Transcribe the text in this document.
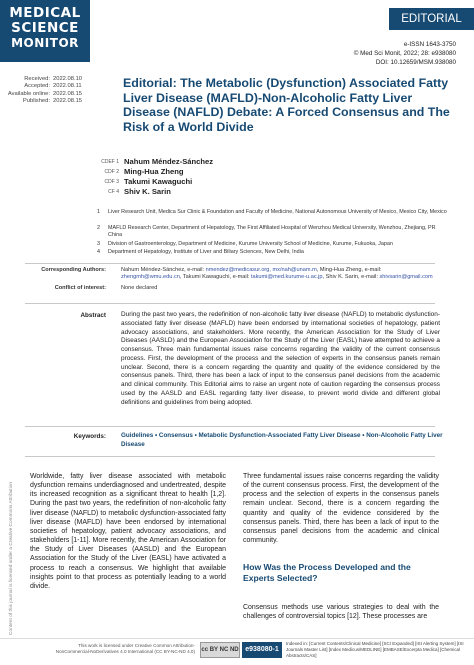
MEDICAL
SCIENCE
MONITOR
EDITORIAL
e-ISSN 1643-3750
© Med Sci Monit, 2022; 28: e938080
DOI: 10.12659/MSM.938080
Received: 2022.08.10
Accepted: 2022.08.11
Available online: 2022.08.15
Published: 2022.08.15
Editorial: The Metabolic (Dysfunction) Associated Fatty Liver Disease (MAFLD)-Non-Alcoholic Fatty Liver Disease (NAFLD) Debate: A Forced Consensus and The Risk of a World Divide
CDEF 1 Nahum Méndez-Sánchez
CDF 2 Ming-Hua Zheng
CDF 3 Takumi Kawaguchi
CF 4 Shiv K. Sarin
1 Liver Research Unit, Medica Sur Clinic & Foundation and Faculty of Medicine, National Autonomous University of Mexico, Mexico City, Mexico
2 MAFLD Research Center, Department of Hepatology, The First Affiliated Hospital of Wenzhou Medical University, Wenzhou, Zhejiang, PR China
3 Division of Gastroenterology, Department of Medicine, Kurume University School of Medicine, Kurume, Fukuoka, Japan
4 Department of Hepatology, Institute of Liver and Biliary Sciences, New Delhi, India
Corresponding Authors:	Nahum Méndez-Sánchez, e-mail: nmendez@medicasur.org, mx/nah@unam.m, Ming-Hua Zheng, e-mail: zhengmh@wmu.edu.cn, Takumi Kawaguchi, e-mail: takumi@med.kurume-u.ac.jp, Shiv K. Sarin, e-mail: shivsarin@gmail.com
Conflict of interest:	None declared
Abstract During the past two years, the redefinition of non-alcoholic fatty liver disease (NAFLD) to metabolic dysfunction-associated fatty liver disease (MAFLD) have been endorsed by international societies of hepatology, patient advocacy associations, and stakeholders. More recently, the American Association for the Study of Liver Diseases (AASLD) and the European Association for the Study of the Liver (EASL) have attempted to achieve a consensus. Three main fundamental issues raise concerns regarding the validity of the current consensus process. First, the development of the process and the selection of experts in the consensus panels remain unclear. Second, there is a concern regarding the quantity and quality of the evidence considered by the consensus panels. Third, there has been a lack of input to the consensus panel decisions from the academic and clinical community. This Editorial aims to raise an urgent note of caution regarding the consensus process used by the AASLD and EASL regarding fatty liver disease, to prevent world divide and different global definitions and guidelines from being adopted.
Keywords: Guidelines • Consensus • Metabolic Dysfunction-Associated Fatty Liver Disease • Non-Alcoholic Fatty Liver Disease
Worldwide, fatty liver disease associated with metabolic dysfunction remains underdiagnosed and undertreated, despite its increased recognition as a significant threat to health [1,2]. During the past two years, the redefinition of non-alcoholic fatty liver disease (NAFLD) to metabolic dysfunction-associated fatty liver disease (MAFLD) have been endorsed by international societies of hepatology, patient advocacy associations, and stakeholders [1-11]. More recently, the American Association for the Study of Liver Diseases (AASLD) and the European Association for the Study of the Liver (EASL) have activated a process to reach a consensus. We highlight that available insights point to that process as potentially leading to a world divide.
Three fundamental issues raise concerns regarding the validity of the current consensus process. First, the development of the process and the selection of experts in the consensus panels remain unclear. Second, there is a concern regarding the quantity and quality of the evidence considered by the consensus panels. Third, there has been a lack of input to the consensus panel decisions from the academic and clinical community.
How Was the Process Developed and the Experts Selected?
Consensus methods use various strategies to deal with the challenges of controversial topics [12]. These processes are
Content of this journal is licensed under a Creative Commons Attribution
This work is licensed under Creative Common Attribution-NonCommercial-NoDerivatives 4.0 International (CC BY-NC-ND 4.0) cc BY NC ND e938080-1
Indexed in: [Current Contents/Clinical Medicine] [SCI Expanded] [ISI Alerting System] [ISI Journals Master List] [Index Medicus/MEDLINE] [EMBASE/Excerpta Medica] [Chemical Abstracts/CAS]
